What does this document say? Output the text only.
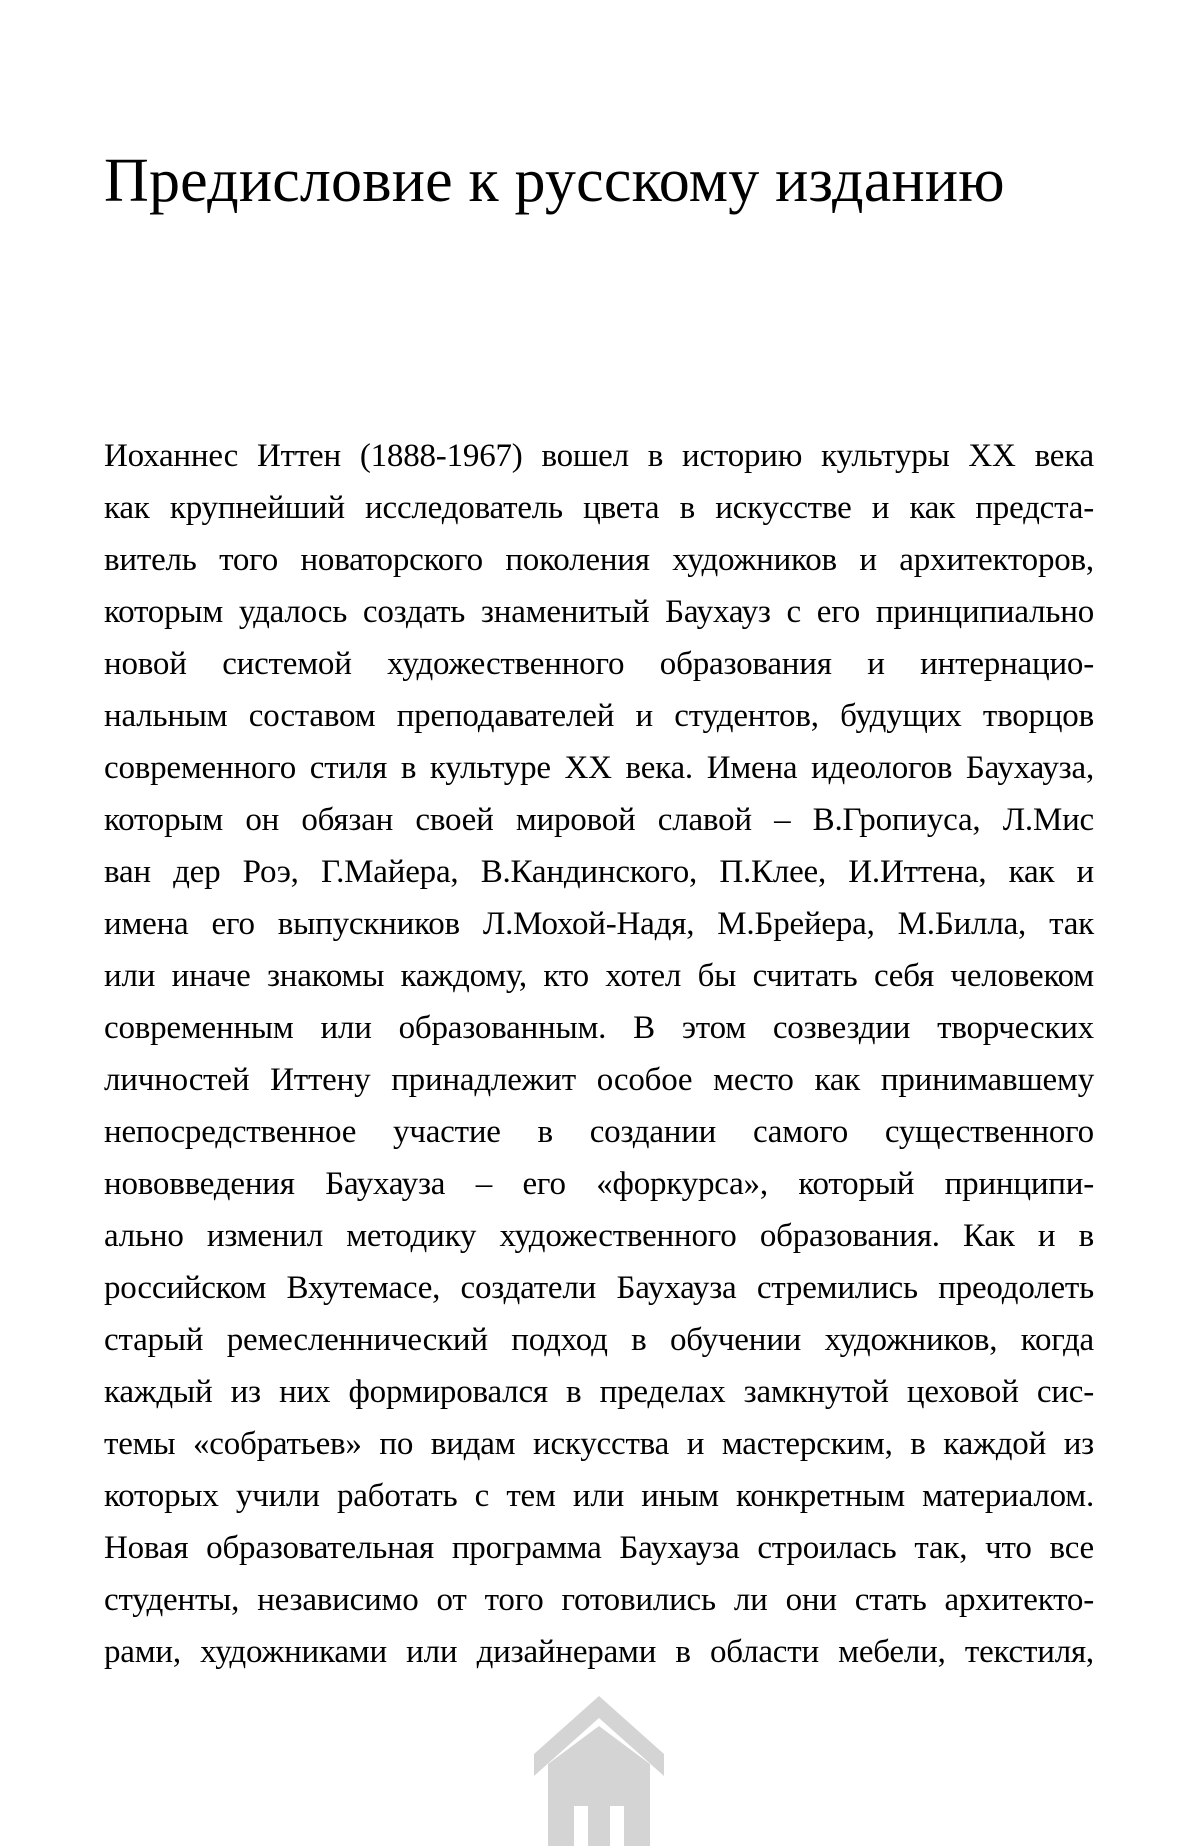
Предисловие к русскому изданию
Иоханнес Иттен (1888-1967) вошел в историю культуры XX века
как крупнейший исследователь цвета в искусстве и как предста-
витель того новаторского поколения художников и архитекторов,
которым удалось создать знаменитый Баухауз с его принципиально
новой системой художественного образования и интернацио-
нальным составом преподавателей и студентов, будущих творцов
современного стиля в культуре XX века. Имена идеологов Баухауза,
которым он обязан своей мировой славой – В.Гропиуса, Л.Мис
ван дер Роэ, Г.Майера, В.Кандинского, П.Клее, И.Иттена, как и
имена его выпускников Л.Мохой-Надя, М.Брейера, М.Билла, так
или иначе знакомы каждому, кто хотел бы считать себя человеком
современным или образованным. В этом созвездии творческих
личностей Иттену принадлежит особое место как принимавшему
непосредственное участие в создании самого существенного
нововведения Баухауза – его «форкурса», который принципи-
ально изменил методику художественного образования. Как и в
российском Вхутемасе, создатели Баухауза стремились преодолеть
старый ремесленнический подход в обучении художников, когда
каждый из них формировался в пределах замкнутой цеховой сис-
темы «собратьев» по видам искусства и мастерским, в каждой из
которых учили работать с тем или иным конкретным материалом.
Новая образовательная программа Баухауза строилась так, что все
студенты, независимо от того готовились ли они стать архитекто-
рами, художниками или дизайнерами в области мебели, текстиля,
